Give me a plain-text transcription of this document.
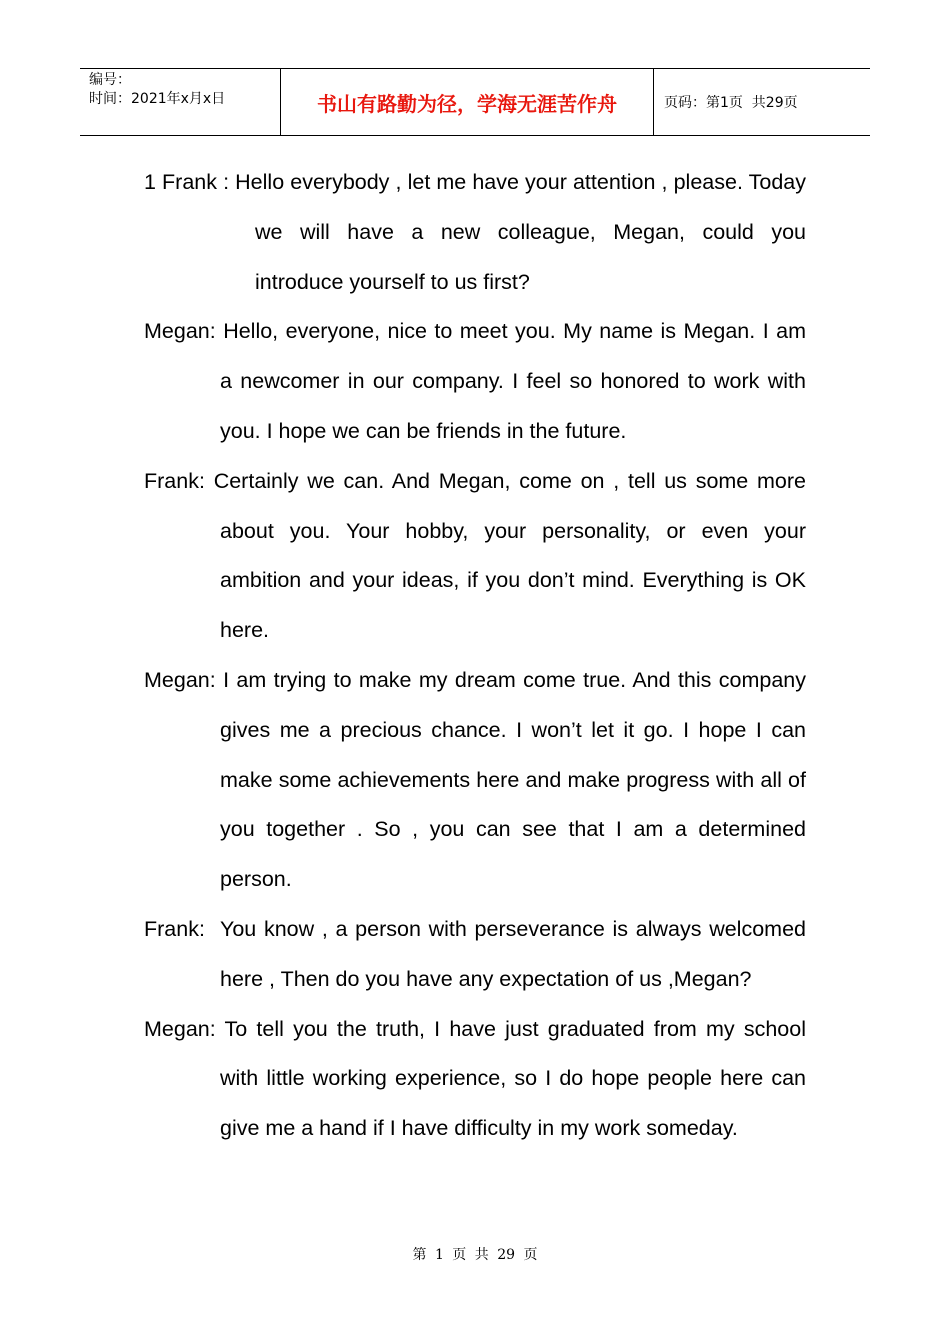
编号：
时间：2021年x月x日	书山有路勤为径，学海无涯苦作舟	页码：第1页  共29页

1 Frank : Hello everybody , let me have your attention , please. Today we will have a new colleague, Megan, could you introduce yourself to us first?

Megan: Hello, everyone, nice to meet you. My name is Megan. I am a newcomer in our company. I feel so honored to work with you. I hope we can be friends in the future.

Frank: Certainly we can. And Megan, come on , tell us some more about you. Your hobby, your personality, or even your ambition and your ideas, if you don’t mind. Everything is OK here.

Megan: I am trying to make my dream come true. And this company gives me a precious chance. I won’t let it go. I hope I can make some achievements here and make progress with all of you together . So , you can see that I am a determined person.

Frank:  You know , a person with perseverance is always welcomed here , Then do you have any expectation of us ,Megan?

Megan: To tell you the truth, I have just graduated from my school with little working experience, so I do hope people here can give me a hand if I have difficulty in my work someday.

第 1 页 共 29 页
